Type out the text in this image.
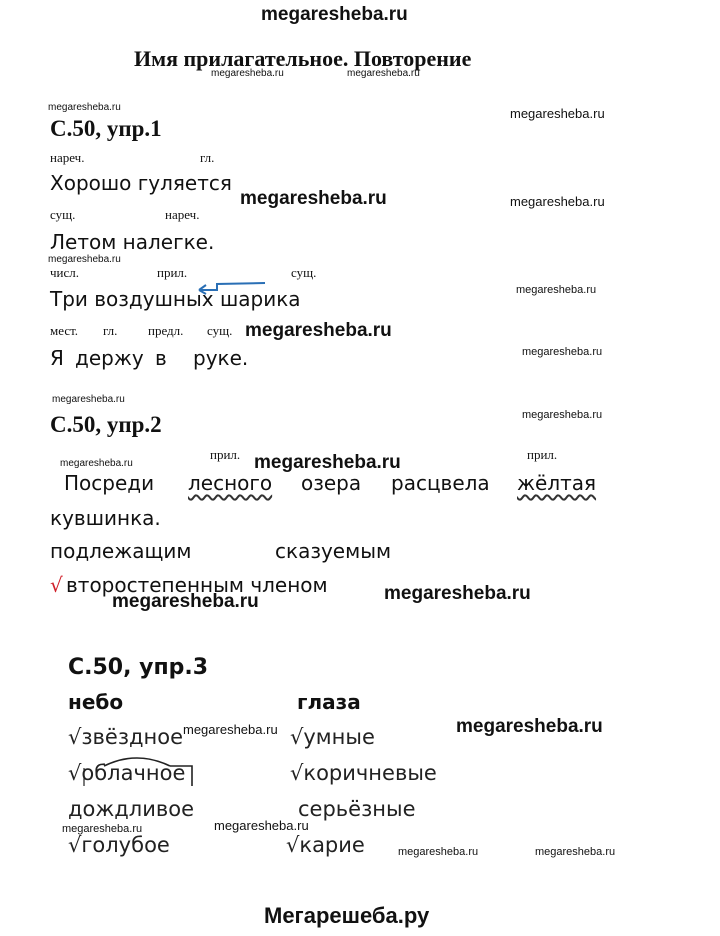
megaresheba.ru
Имя прилагательное. Повторение
megaresheba.ru	megaresheba.ru
megaresheba.ru
С.50, упр.1
megaresheba.ru
нареч.	гл.
Хорошо гуляется
megaresheba.ru	megaresheba.ru
сущ.	нареч.
Летом налегке.
megaresheba.ru
числ.	прил.	сущ.
Три воздушных шарика	megaresheba.ru
мест. гл. предл. сущ. megaresheba.ru
Я держу в руке.	megaresheba.ru
megaresheba.ru
megaresheba.ru
С.50, упр.2
прил.	прил.
megaresheba.ru
megaresheba.ru
Посреди лесного озера расцвела жёлтая
кувшинка.
подлежащим	сказуемым
√ второстепенным членом	megaresheba.ru
megaresheba.ru
С.50, упр.3
небо	глаза
√звёздное	√умные
megaresheba.ru	megaresheba.ru
√облачное	√коричневые
дождливое	серьёзные
megaresheba.ru	megaresheba.ru
√голубое	√карие	megaresheba.ru	megaresheba.ru
Мегарешеба.ру
